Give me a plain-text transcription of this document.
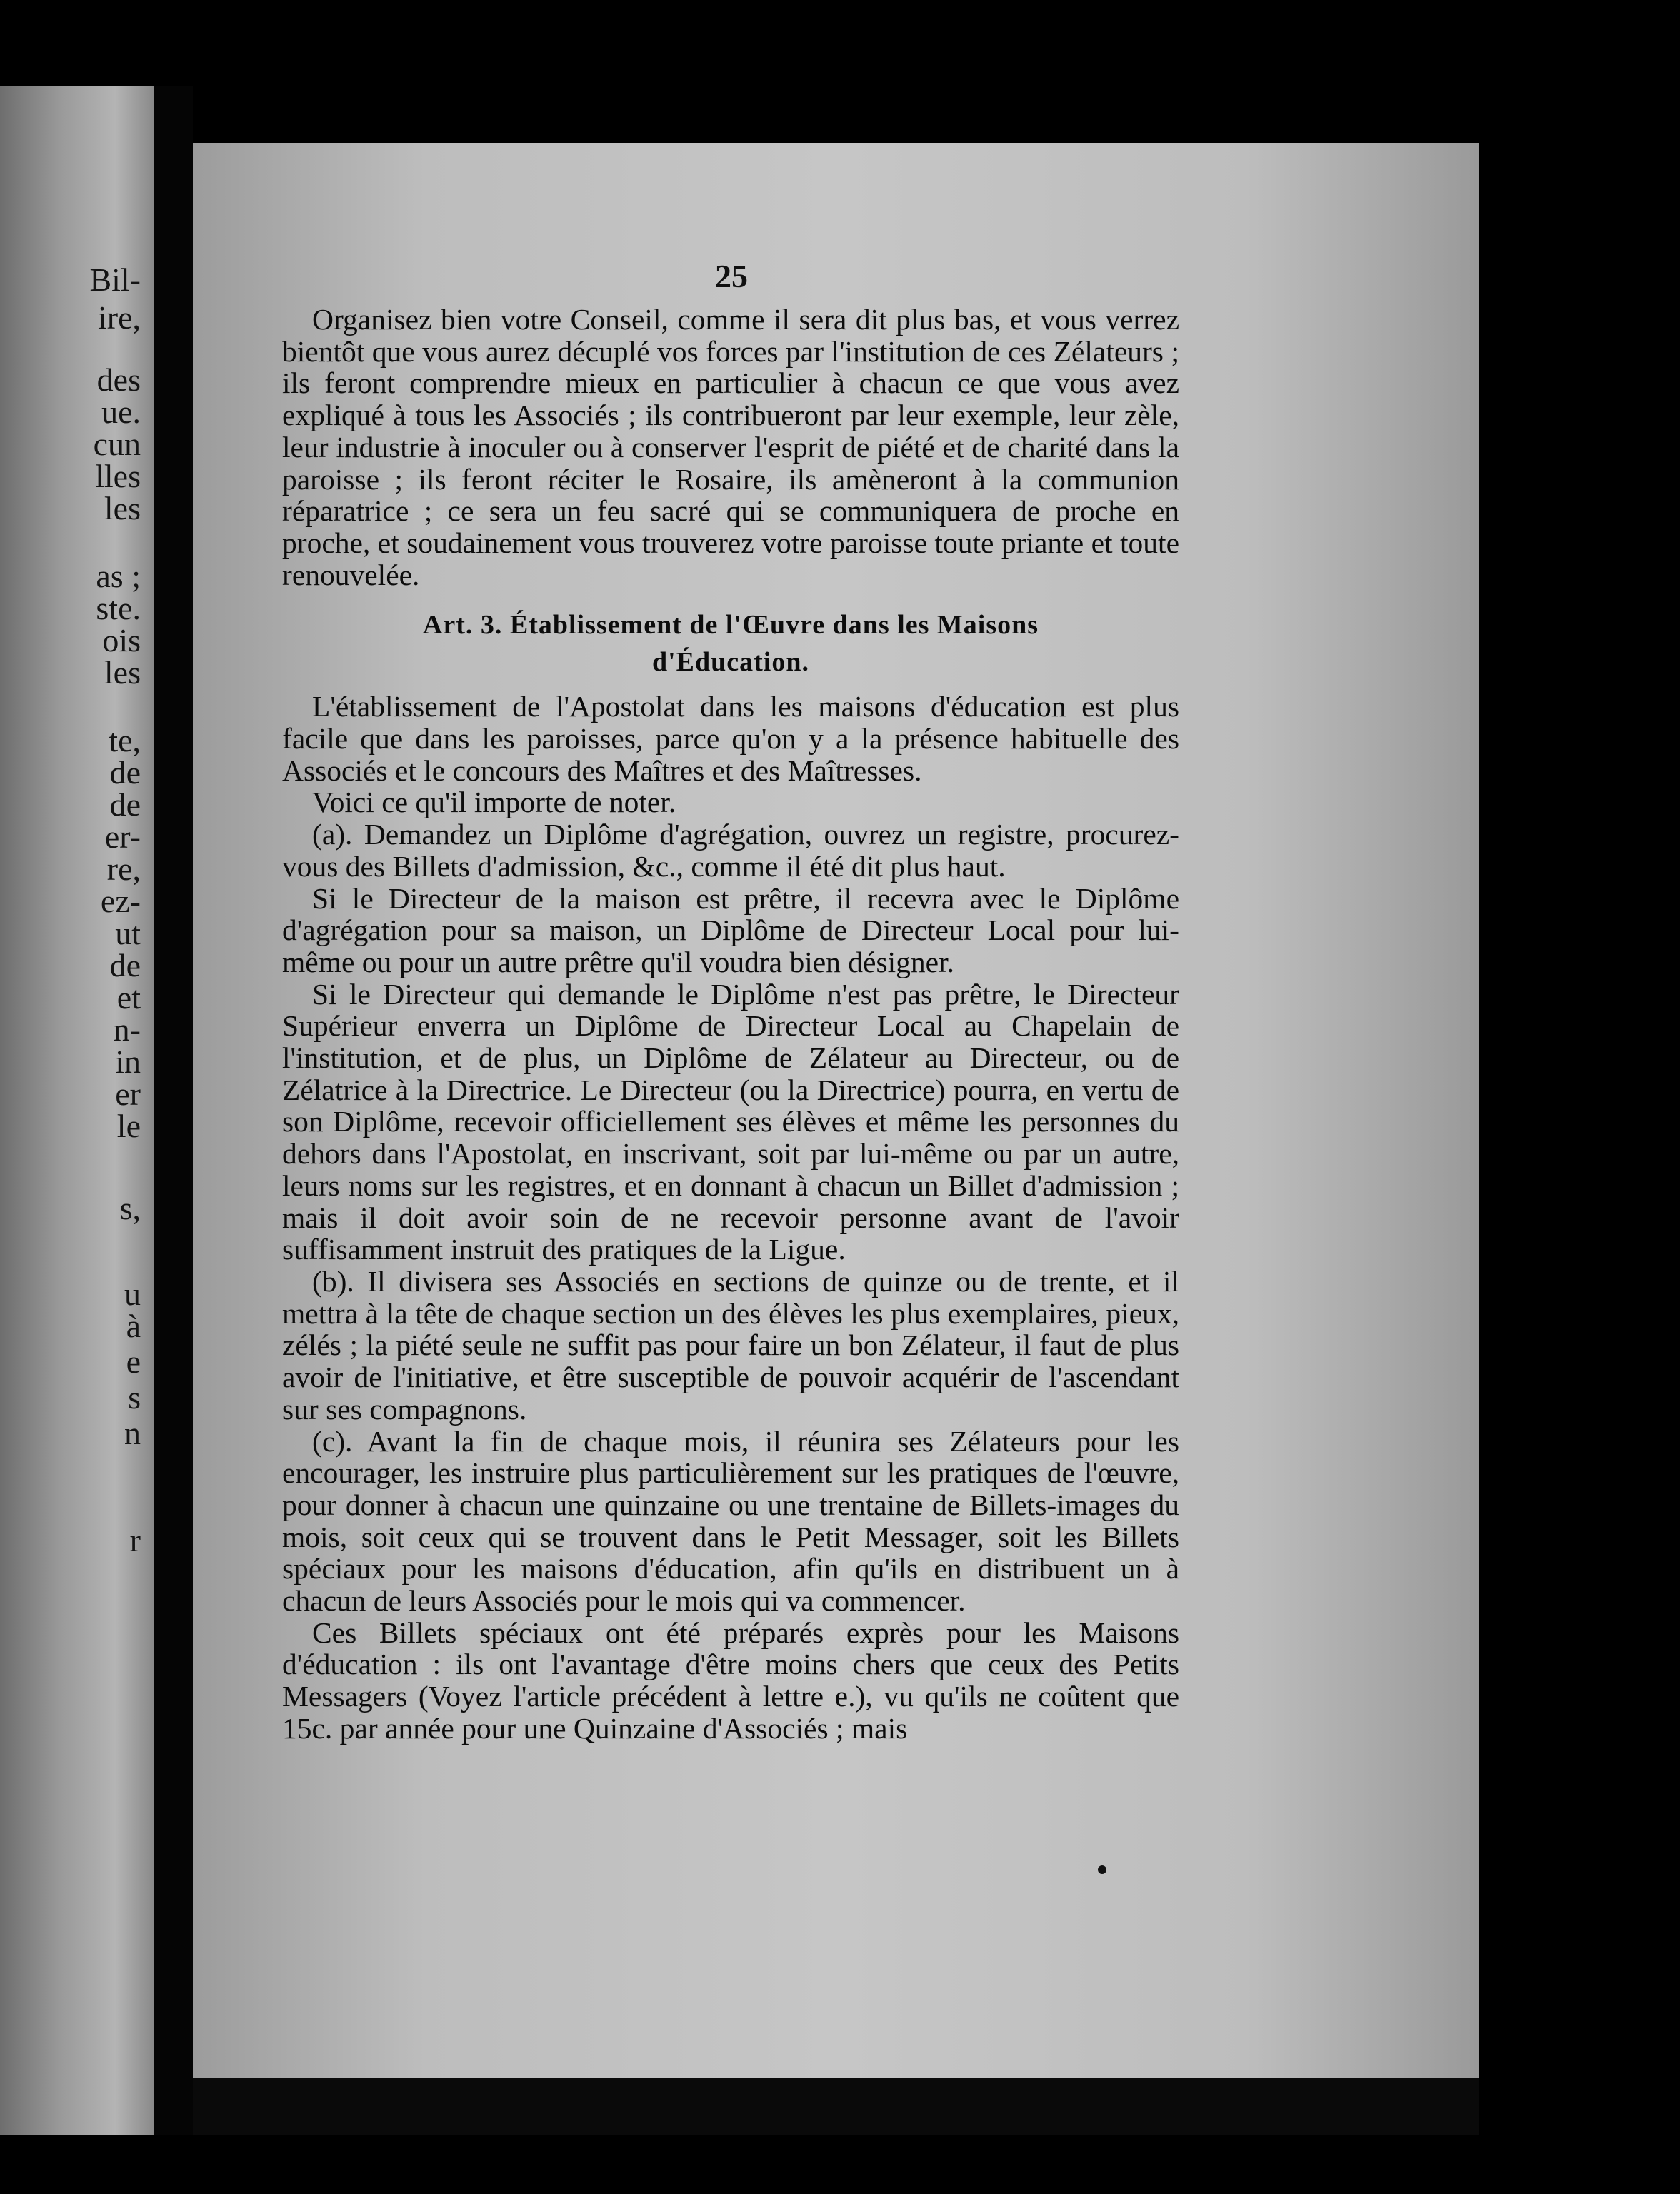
Bil-

ire,

des

ue.

cun

lles

les

as ;

ste.

ois

les

te,

de

de

er-

re,

ez-

ut

de

et

n-

in

er

le

s,

u

à

e

s

n

r

25

Organisez bien votre Conseil, comme il sera dit plus bas, et vous verrez bientôt que vous aurez décuplé vos forces par l'institution de ces Zélateurs ; ils feront comprendre mieux en particulier à chacun ce que vous avez expliqué à tous les Associés ; ils contribueront par leur exemple, leur zèle, leur industrie à inoculer ou à conserver l'esprit de piété et de charité dans la paroisse ; ils feront réciter le Rosaire, ils amèneront à la communion réparatrice ; ce sera un feu sacré qui se communiquera de proche en proche, et soudainement vous trouverez votre paroisse toute priante et toute renouvelée.

Art. 3. Établissement de l'Œuvre dans les Maisons
d'Éducation.

L'établissement de l'Apostolat dans les maisons d'éducation est plus facile que dans les paroisses, parce qu'on y a la présence habituelle des Associés et le concours des Maîtres et des Maîtresses.

Voici ce qu'il importe de noter.

(a). Demandez un Diplôme d'agrégation, ouvrez un registre, procurez-vous des Billets d'admission, &c., comme il été dit plus haut.

Si le Directeur de la maison est prêtre, il recevra avec le Diplôme d'agrégation pour sa maison, un Diplôme de Directeur Local pour lui-même ou pour un autre prêtre qu'il voudra bien désigner.

Si le Directeur qui demande le Diplôme n'est pas prêtre, le Directeur Supérieur enverra un Diplôme de Directeur Local au Chapelain de l'institution, et de plus, un Diplôme de Zélateur au Directeur, ou de Zélatrice à la Directrice. Le Directeur (ou la Directrice) pourra, en vertu de son Diplôme, recevoir officiellement ses élèves et même les personnes du dehors dans l'Apostolat, en inscrivant, soit par lui-même ou par un autre, leurs noms sur les registres, et en donnant à chacun un Billet d'admission ; mais il doit avoir soin de ne recevoir personne avant de l'avoir suffisamment instruit des pratiques de la Ligue.

(b). Il divisera ses Associés en sections de quinze ou de trente, et il mettra à la tête de chaque section un des élèves les plus exemplaires, pieux, zélés ; la piété seule ne suffit pas pour faire un bon Zélateur, il faut de plus avoir de l'initiative, et être susceptible de pouvoir acquérir de l'ascendant sur ses compagnons.

(c). Avant la fin de chaque mois, il réunira ses Zélateurs pour les encourager, les instruire plus particulièrement sur les pratiques de l'œuvre, pour donner à chacun une quinzaine ou une trentaine de Billets-images du mois, soit ceux qui se trouvent dans le Petit Messager, soit les Billets spéciaux pour les maisons d'éducation, afin qu'ils en distribuent un à chacun de leurs Associés pour le mois qui va commencer.

Ces Billets spéciaux ont été préparés exprès pour les Maisons d'éducation : ils ont l'avantage d'être moins chers que ceux des Petits Messagers (Voyez l'article précédent à lettre e.), vu qu'ils ne coûtent que 15c. par année pour une Quinzaine d'Associés ; mais
